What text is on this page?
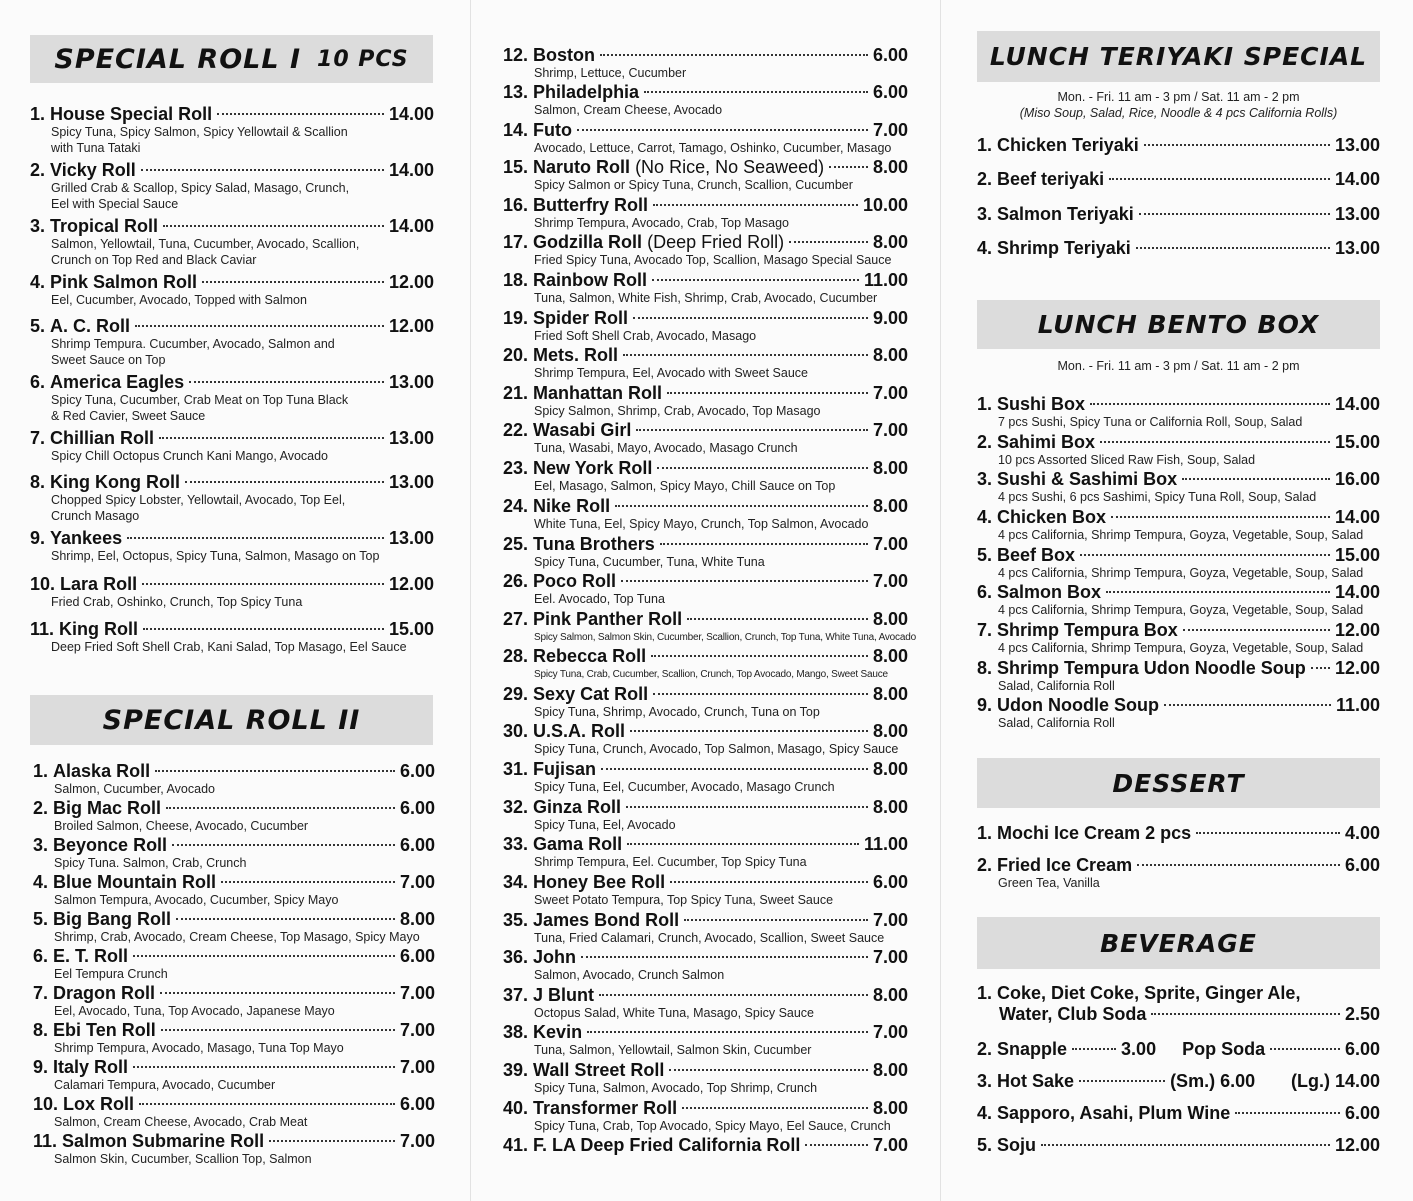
SPECIAL ROLL I 10 PCS
1.
House Special Roll	14.00
Spicy Tuna, Spicy Salmon, Spicy Yellowtail & Scallion
with Tuna Tataki
2.
Vicky Roll	14.00
Grilled Crab & Scallop, Spicy Salad, Masago, Crunch,
Eel with Special Sauce
3.
Tropical Roll	14.00
Salmon, Yellowtail, Tuna, Cucumber, Avocado, Scallion,
Crunch on Top Red and Black Caviar
4.
Pink Salmon Roll	12.00
Eel, Cucumber, Avocado, Topped with Salmon
5.
A. C. Roll	12.00
Shrimp Tempura. Cucumber, Avocado, Salmon and
Sweet Sauce on Top
6.
America Eagles	13.00
Spicy Tuna, Cucumber, Crab Meat on Top Tuna Black
& Red Cavier, Sweet Sauce
7.
Chillian Roll	13.00
Spicy Chill Octopus Crunch Kani Mango, Avocado
8.
King Kong Roll	13.00
Chopped Spicy Lobster, Yellowtail, Avocado, Top Eel,
Crunch Masago
9.
Yankees	13.00
Shrimp, Eel, Octopus, Spicy Tuna, Salmon, Masago on Top
10.
Lara Roll	12.00
Fried Crab, Oshinko, Crunch, Top Spicy Tuna
11.
King Roll	15.00
Deep Fried Soft Shell Crab, Kani Salad, Top Masago, Eel Sauce
SPECIAL ROLL II
1.
Alaska Roll	6.00
Salmon, Cucumber, Avocado
2.
Big Mac Roll	6.00
Broiled Salmon, Cheese, Avocado, Cucumber
3.
Beyonce Roll	6.00
Spicy Tuna. Salmon, Crab, Crunch
4.
Blue Mountain Roll	7.00
Salmon Tempura, Avocado, Cucumber, Spicy Mayo
5.
Big Bang Roll	8.00
Shrimp, Crab, Avocado, Cream Cheese, Top Masago, Spicy Mayo
6.
E. T. Roll	6.00
Eel Tempura Crunch
7.
Dragon Roll	7.00
Eel, Avocado, Tuna, Top Avocado, Japanese Mayo
8.
Ebi Ten Roll	7.00
Shrimp Tempura, Avocado, Masago, Tuna Top Mayo
9.
Italy Roll	7.00
Calamari Tempura, Avocado, Cucumber
10.
Lox Roll	6.00
Salmon, Cream Cheese, Avocado, Crab Meat
11.
Salmon Submarine Roll	7.00
Salmon Skin, Cucumber, Scallion Top, Salmon
12.
Boston	6.00
Shrimp, Lettuce, Cucumber
13.
Philadelphia	6.00
Salmon, Cream Cheese, Avocado
14.
Futo	7.00
Avocado, Lettuce, Carrot, Tamago, Oshinko, Cucumber, Masago
15.
Naruto Roll
(No Rice, No Seaweed)	8.00
Spicy Salmon or Spicy Tuna, Crunch, Scallion, Cucumber
16.
Butterfry Roll	10.00
Shrimp Tempura, Avocado, Crab, Top Masago
17.
Godzilla Roll
(Deep Fried Roll)	8.00
Fried Spicy Tuna, Avocado Top, Scallion, Masago Special Sauce
18.
Rainbow Roll	11.00
Tuna, Salmon, White Fish, Shrimp, Crab, Avocado, Cucumber
19.
Spider Roll	9.00
Fried Soft Shell Crab, Avocado, Masago
20.
Mets. Roll	8.00
Shrimp Tempura, Eel, Avocado with Sweet Sauce
21.
Manhattan Roll	7.00
Spicy Salmon, Shrimp, Crab, Avocado, Top Masago
22.
Wasabi Girl	7.00
Tuna, Wasabi, Mayo, Avocado, Masago Crunch
23.
New York Roll	8.00
Eel, Masago, Salmon, Spicy Mayo, Chill Sauce on Top
24.
Nike Roll	8.00
White Tuna, Eel, Spicy Mayo, Crunch, Top Salmon, Avocado
25.
Tuna Brothers	7.00
Spicy Tuna, Cucumber, Tuna, White Tuna
26.
Poco Roll	7.00
Eel. Avocado, Top Tuna
27.
Pink Panther Roll	8.00
Spicy Salmon, Salmon Skin, Cucumber, Scallion, Crunch, Top Tuna, White Tuna, Avocado
28.
Rebecca Roll	8.00
Spicy Tuna, Crab, Cucumber, Scallion, Crunch, Top Avocado, Mango, Sweet Sauce
29.
Sexy Cat Roll	8.00
Spicy Tuna, Shrimp, Avocado, Crunch, Tuna on Top
30.
U.S.A. Roll	8.00
Spicy Tuna, Crunch, Avocado, Top Salmon, Masago, Spicy Sauce
31.
Fujisan	8.00
Spicy Tuna, Eel, Cucumber, Avocado, Masago Crunch
32.
Ginza Roll	8.00
Spicy Tuna, Eel, Avocado
33.
Gama Roll	11.00
Shrimp Tempura, Eel. Cucumber, Top Spicy Tuna
34.
Honey Bee Roll	6.00
Sweet Potato Tempura, Top Spicy Tuna, Sweet Sauce
35.
James Bond Roll	7.00
Tuna, Fried Calamari, Crunch, Avocado, Scallion, Sweet Sauce
36.
John	7.00
Salmon, Avocado, Crunch Salmon
37.
J Blunt	8.00
Octopus Salad, White Tuna, Masago, Spicy Sauce
38.
Kevin	7.00
Tuna, Salmon, Yellowtail, Salmon Skin, Cucumber
39.
Wall Street Roll	8.00
Spicy Tuna, Salmon, Avocado, Top Shrimp, Crunch
40.
Transformer Roll	8.00
Spicy Tuna, Crab, Top Avocado, Spicy Mayo, Eel Sauce, Crunch
41.
F. LA Deep Fried California Roll	7.00
LUNCH TERIYAKI SPECIAL
Mon. - Fri. 11 am - 3 pm / Sat. 11 am - 2 pm
(Miso Soup, Salad, Rice, Noodle & 4 pcs California Rolls)
1.
Chicken Teriyaki	13.00
2.
Beef teriyaki	14.00
3.
Salmon Teriyaki	13.00
4.
Shrimp Teriyaki	13.00
LUNCH BENTO BOX
Mon. - Fri. 11 am - 3 pm / Sat. 11 am - 2 pm
1.
Sushi Box	14.00
7 pcs Sushi, Spicy Tuna or California Roll, Soup, Salad
2.
Sahimi Box	15.00
10 pcs Assorted Sliced Raw Fish, Soup, Salad
3.
Sushi & Sashimi Box	16.00
4 pcs Sushi, 6 pcs Sashimi, Spicy Tuna Roll, Soup, Salad
4.
Chicken Box	14.00
4 pcs California, Shrimp Tempura, Goyza, Vegetable, Soup, Salad
5.
Beef Box	15.00
4 pcs California, Shrimp Tempura, Goyza, Vegetable, Soup, Salad
6.
Salmon Box	14.00
4 pcs California, Shrimp Tempura, Goyza, Vegetable, Soup, Salad
7.
Shrimp Tempura Box	12.00
4 pcs California, Shrimp Tempura, Goyza, Vegetable, Soup, Salad
8.
Shrimp Tempura Udon Noodle Soup 12.00
Salad, California Roll
9.
Udon Noodle Soup	11.00
Salad, California Roll
DESSERT
1.
Mochi Ice Cream 2 pcs	4.00
2.
Fried Ice Cream	6.00
Green Tea, Vanilla
BEVERAGE
1.
Coke, Diet Coke, Sprite, Ginger Ale,
Water, Club Soda	2.50
2.
Snapple	3.00 Pop Soda	6.00
3.
Hot Sake	(Sm.) 6.00 (Lg.) 14.00
4.
Sapporo, Asahi, Plum Wine	6.00
5.
Soju	12.00
